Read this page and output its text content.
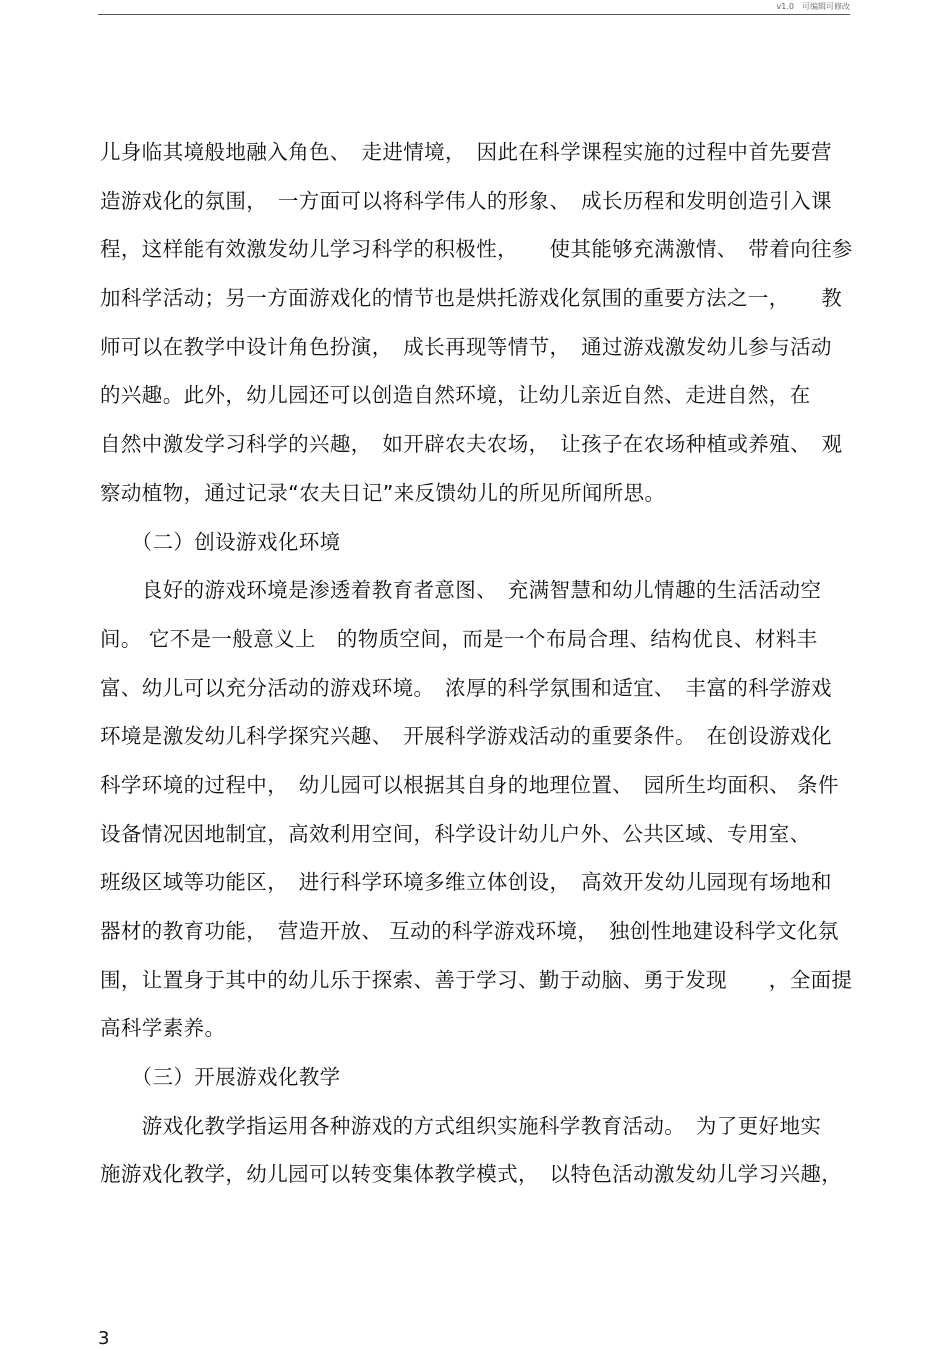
v1.0　可编辑可修改
儿身临其境般地融入角色、　走进情境，　因此在科学课程实施的过程中首先要营
造游戏化的氛围，　一方面可以将科学伟人的形象、　成长历程和发明创造引入课
程，这样能有效激发幼儿学习科学的积极性，　　使其能够充满激情、　带着向往参
加科学活动；另一方面游戏化的情节也是烘托游戏化氛围的重要方法之一，　　教
师可以在教学中设计角色扮演，　成长再现等情节，　通过游戏激发幼儿参与活动
的兴趣。此外，幼儿园还可以创造自然环境，让幼儿亲近自然、走进自然，在
自然中激发学习科学的兴趣，　如开辟农夫农场，　让孩子在农场种植或养殖、　观
察动植物，通过记录“农夫日记”来反馈幼儿的所见所闻所思。
　　（二）创设游戏化环境
　　良好的游戏环境是渗透着教育者意图、　充满智慧和幼儿情趣的生活活动空
间。 它不是一般意义上　的物质空间，而是一个布局合理、结构优良、材料丰
富、幼儿可以充分活动的游戏环境。　浓厚的科学氛围和适宜、　丰富的科学游戏
环境是激发幼儿科学探究兴趣、　开展科学游戏活动的重要条件。　在创设游戏化
科学环境的过程中，　幼儿园可以根据其自身的地理位置、　园所生均面积、 条件
设备情况因地制宜，高效利用空间，科学设计幼儿户外、公共区域、专用室、
班级区域等功能区，　进行科学环境多维立体创设，　高效开发幼儿园现有场地和
器材的教育功能，　营造开放、 互动的科学游戏环境，　独创性地建设科学文化氛
围，让置身于其中的幼儿乐于探索、善于学习、勤于动脑、勇于发现　　，全面提
高科学素养。
　　（三）开展游戏化教学
　　游戏化教学指运用各种游戏的方式组织实施科学教育活动。　为了更好地实
施游戏化教学，幼儿园可以转变集体教学模式，　以特色活动激发幼儿学习兴趣，
3
